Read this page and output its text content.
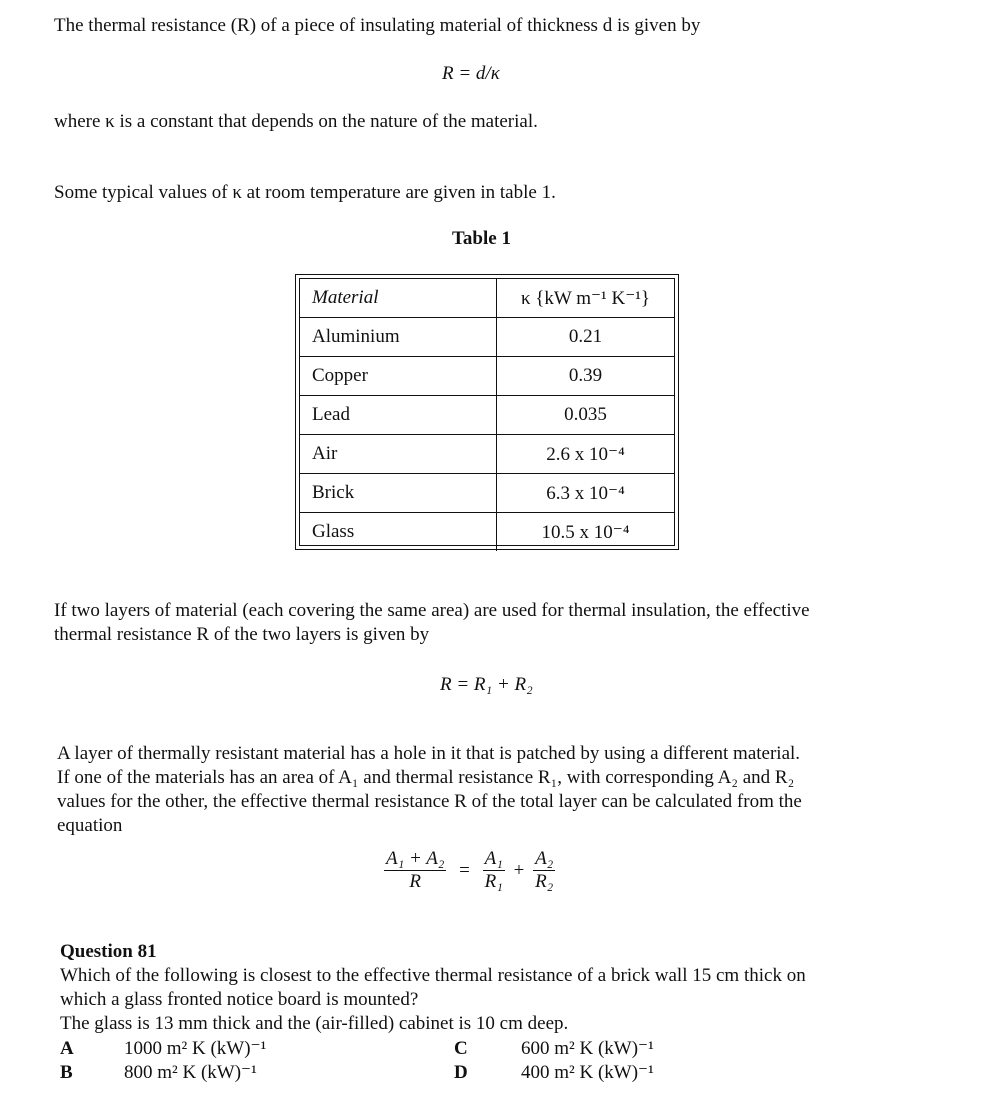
The thermal resistance (R) of a piece of insulating material of thickness d is given by
R = d/κ
where κ is a constant that depends on the nature of the material.
Some typical values of κ at room temperature are given in table 1.
Table 1
Material	κ {kW m⁻¹ K⁻¹}
Aluminium	0.21
Copper	0.39
Lead	0.035
Air	2.6 x 10⁻⁴
Brick	6.3 x 10⁻⁴
Glass	10.5 x 10⁻⁴
If two layers of material (each covering the same area) are used for thermal insulation, the effective
thermal resistance R of the two layers is given by
R = R₁ + R₂
A layer of thermally resistant material has a hole in it that is patched by using a different material.
If one of the materials has an area of A₁ and thermal resistance R₁, with corresponding A₂ and R₂
values for the other, the effective thermal resistance R of the total layer can be calculated from the
equation
$\frac{\text{A₁ + A₂}}{R} = \frac{\text{A₁}}{\text{R₁}} + \frac{\text{A₂}}{\text{R₂}}$
Question 81
Which of the following is closest to the effective thermal resistance of a brick wall 15 cm thick on
which a glass fronted notice board is mounted?
The glass is 13 mm thick and the (air-filled) cabinet is 10 cm deep.
A	1000 m² K (kW)⁻¹	C	600 m² K (kW)⁻¹
B	800 m² K (kW)⁻¹	D	400 m² K (kW)⁻¹
